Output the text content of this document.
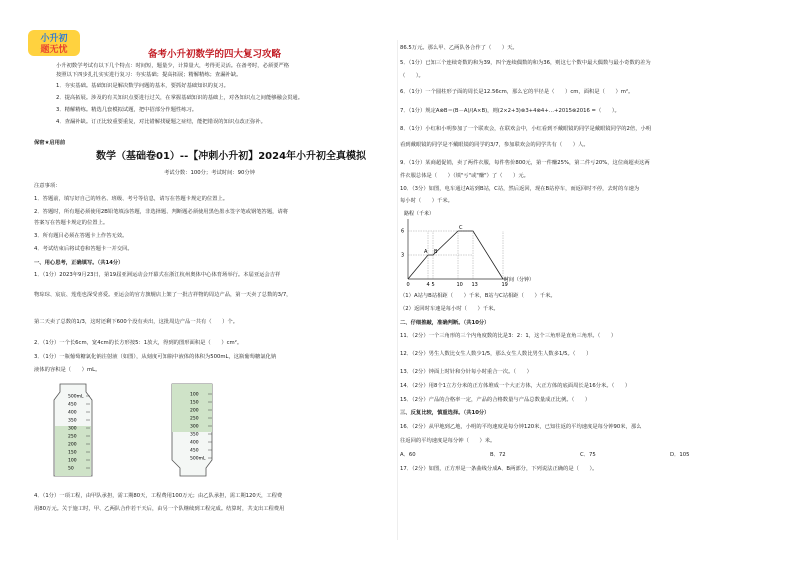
小升初
题无忧	备考小升初数学的四大复习攻略
小升初数学考试有以下几个特点：时间短，题量少，计算量大，考得更灵活。在备考时，必须要严格
按照以下四步扎扎实实进行复习：夯实基础；提高拓展；精解精练；查漏补缺。
1．夯实基础。基础知识是解决数学问题的基本，要抓好基础知识的复习。
2．提高拓展。涉及的有关知识点要进行过关，在掌握基础知识的基础上，对各知识点之间能够融会贯通。
3．精解精练。精选几套模拟试题，把中招部分作题性练习。
4．查漏补缺。订正比较重要重复，对比错解找疑题之症结，能把错误的知识点改正弥补。
保密★启用前
数学（基础卷01）--【冲刺小升初】2024年小升初全真模拟
考试分数：100分；考试时间：90分钟
注意事项：
1．答题前，填写好自己的姓名、班级、考号等信息，请写在答题卡规定的位置上。
2．答题时，所有题必须使用2B铅笔填涂答题，非选择题、判断题必须使用黑色墨水签字笔或钢笔答题，请将
答案写在答题卡规定的位置上。
3．所有题目必须在答题卡上作答无效。
4．考试结束后将试卷和答题卡一并交回。
一、用心思考，正确填写。（共14分）
1．（1分）2023年9月23日，第19届亚洲运动会开幕式在浙江杭州奥体中心体育场举行。本届亚运会吉祥
物琮琮、宸宸、莲莲也深受喜爱。亚运会的官方旗舰店上架了一批吉祥物的周边产品，第一天卖了总数的3/7，
第二天卖了总数的1/3，这时还剩下600个没有卖出，这批周边产品一共有（　　）个。
2．（1分）一个长6cm，宽4cm的长方形按5：1放大，得到的图形面积是（　　）cm²。
3．（1分）一瓶葡萄糖氯化钠注射液（如图），从刻度可知瓶中液体的体积为500mL，这瓶葡萄糖氯化钠
液体的容积是（　　）mL。
500mL
450
400
350
300
250
200
150
100
50
100
150
200
250
300
350
400
450
500mL
4．（1分）一项工程，由甲队承担，需工期80天，工程费用100万元；由乙队承担，需工期120天，工程费
用80万元。关于施工时，甲、乙两队合作若干天后，由另一个队继续到工程完成。结算时，共支出工程费用
86.5万元。那么甲、乙两队各合作了（　　）天。
5．（1分）已知三个连续奇数的和为39，四个连续偶数的和为36，则这七个数中最大偶数与最小奇数的差为
（　　）。
6．（1分）一个圆柱形子面的周长是12.56cm，那么它的半径是（　　）cm，面积是（　　）m²。
7．（1分）规定A⊗B＝(B－A)/(A×B)，则(2×2+3)⊗3+4⊗4+…+2015⊗2016 =（　　）。
8．（1分）小红和小明参加了一个联欢会，在联欢会中，小红看到不戴眼镜的同学是戴眼镜同学的2倍，小明
看到戴眼镜的同学是不戴眼镜的同学的3/7，参加联欢会的同学共有（　　）人。
9．（1分）某商超促销，卖了两件衣服，每件售价800元，第一件赚25%，第二件亏20%，这位商超卖这两
件衣服总体是（　　）（填"亏"或"赚"）了（　　）元。
10．（3分）如图，电车通过A站到B站，C站，然后返回，现在B站停车，而返回时不停，去时的车速为
每小时（　　）千米。
路程（千米）
时间（分钟）
0	4 5	10 13	19
3
6
A B
C
（1）A站与B站相距（　　）千米，B站与C站相距（　　）千米。
（2）返回时车速是每小时（　　）千米。
二、仔细推敲，准确判断。（共10分）
11．（2分）一个三角形的三个内角度数的比是3：2：1，这个三角形是直角三角形。（　　）
12．（2分）男生人数比女生人数少1/5，那么女生人数比男生人数多1/5。（　　）
13．（2分）钟面上时针和分针每小时重合一次。（　　）
14．（2分）用8个1立方分米的正方体堆成一个大正方体，大正方体的底面周长是16分米。（　　）
15．（2分）产品的合格率一定，产品的合格数量与产品总数量成正比例。（　　）
三、反复比较，慎重选择。（共10分）
16．（2分）从甲地到乙地，小明的平均速度是每分钟120米，已知往返的平均速度是每分钟90米，那么
往返回的平均速度是每分钟（　　）米。
A．60	B．72	C．75	D．105
17．（2分）如图，正方形是一条曲线分成A、B两部分，下列说法正确的是（　　）。
